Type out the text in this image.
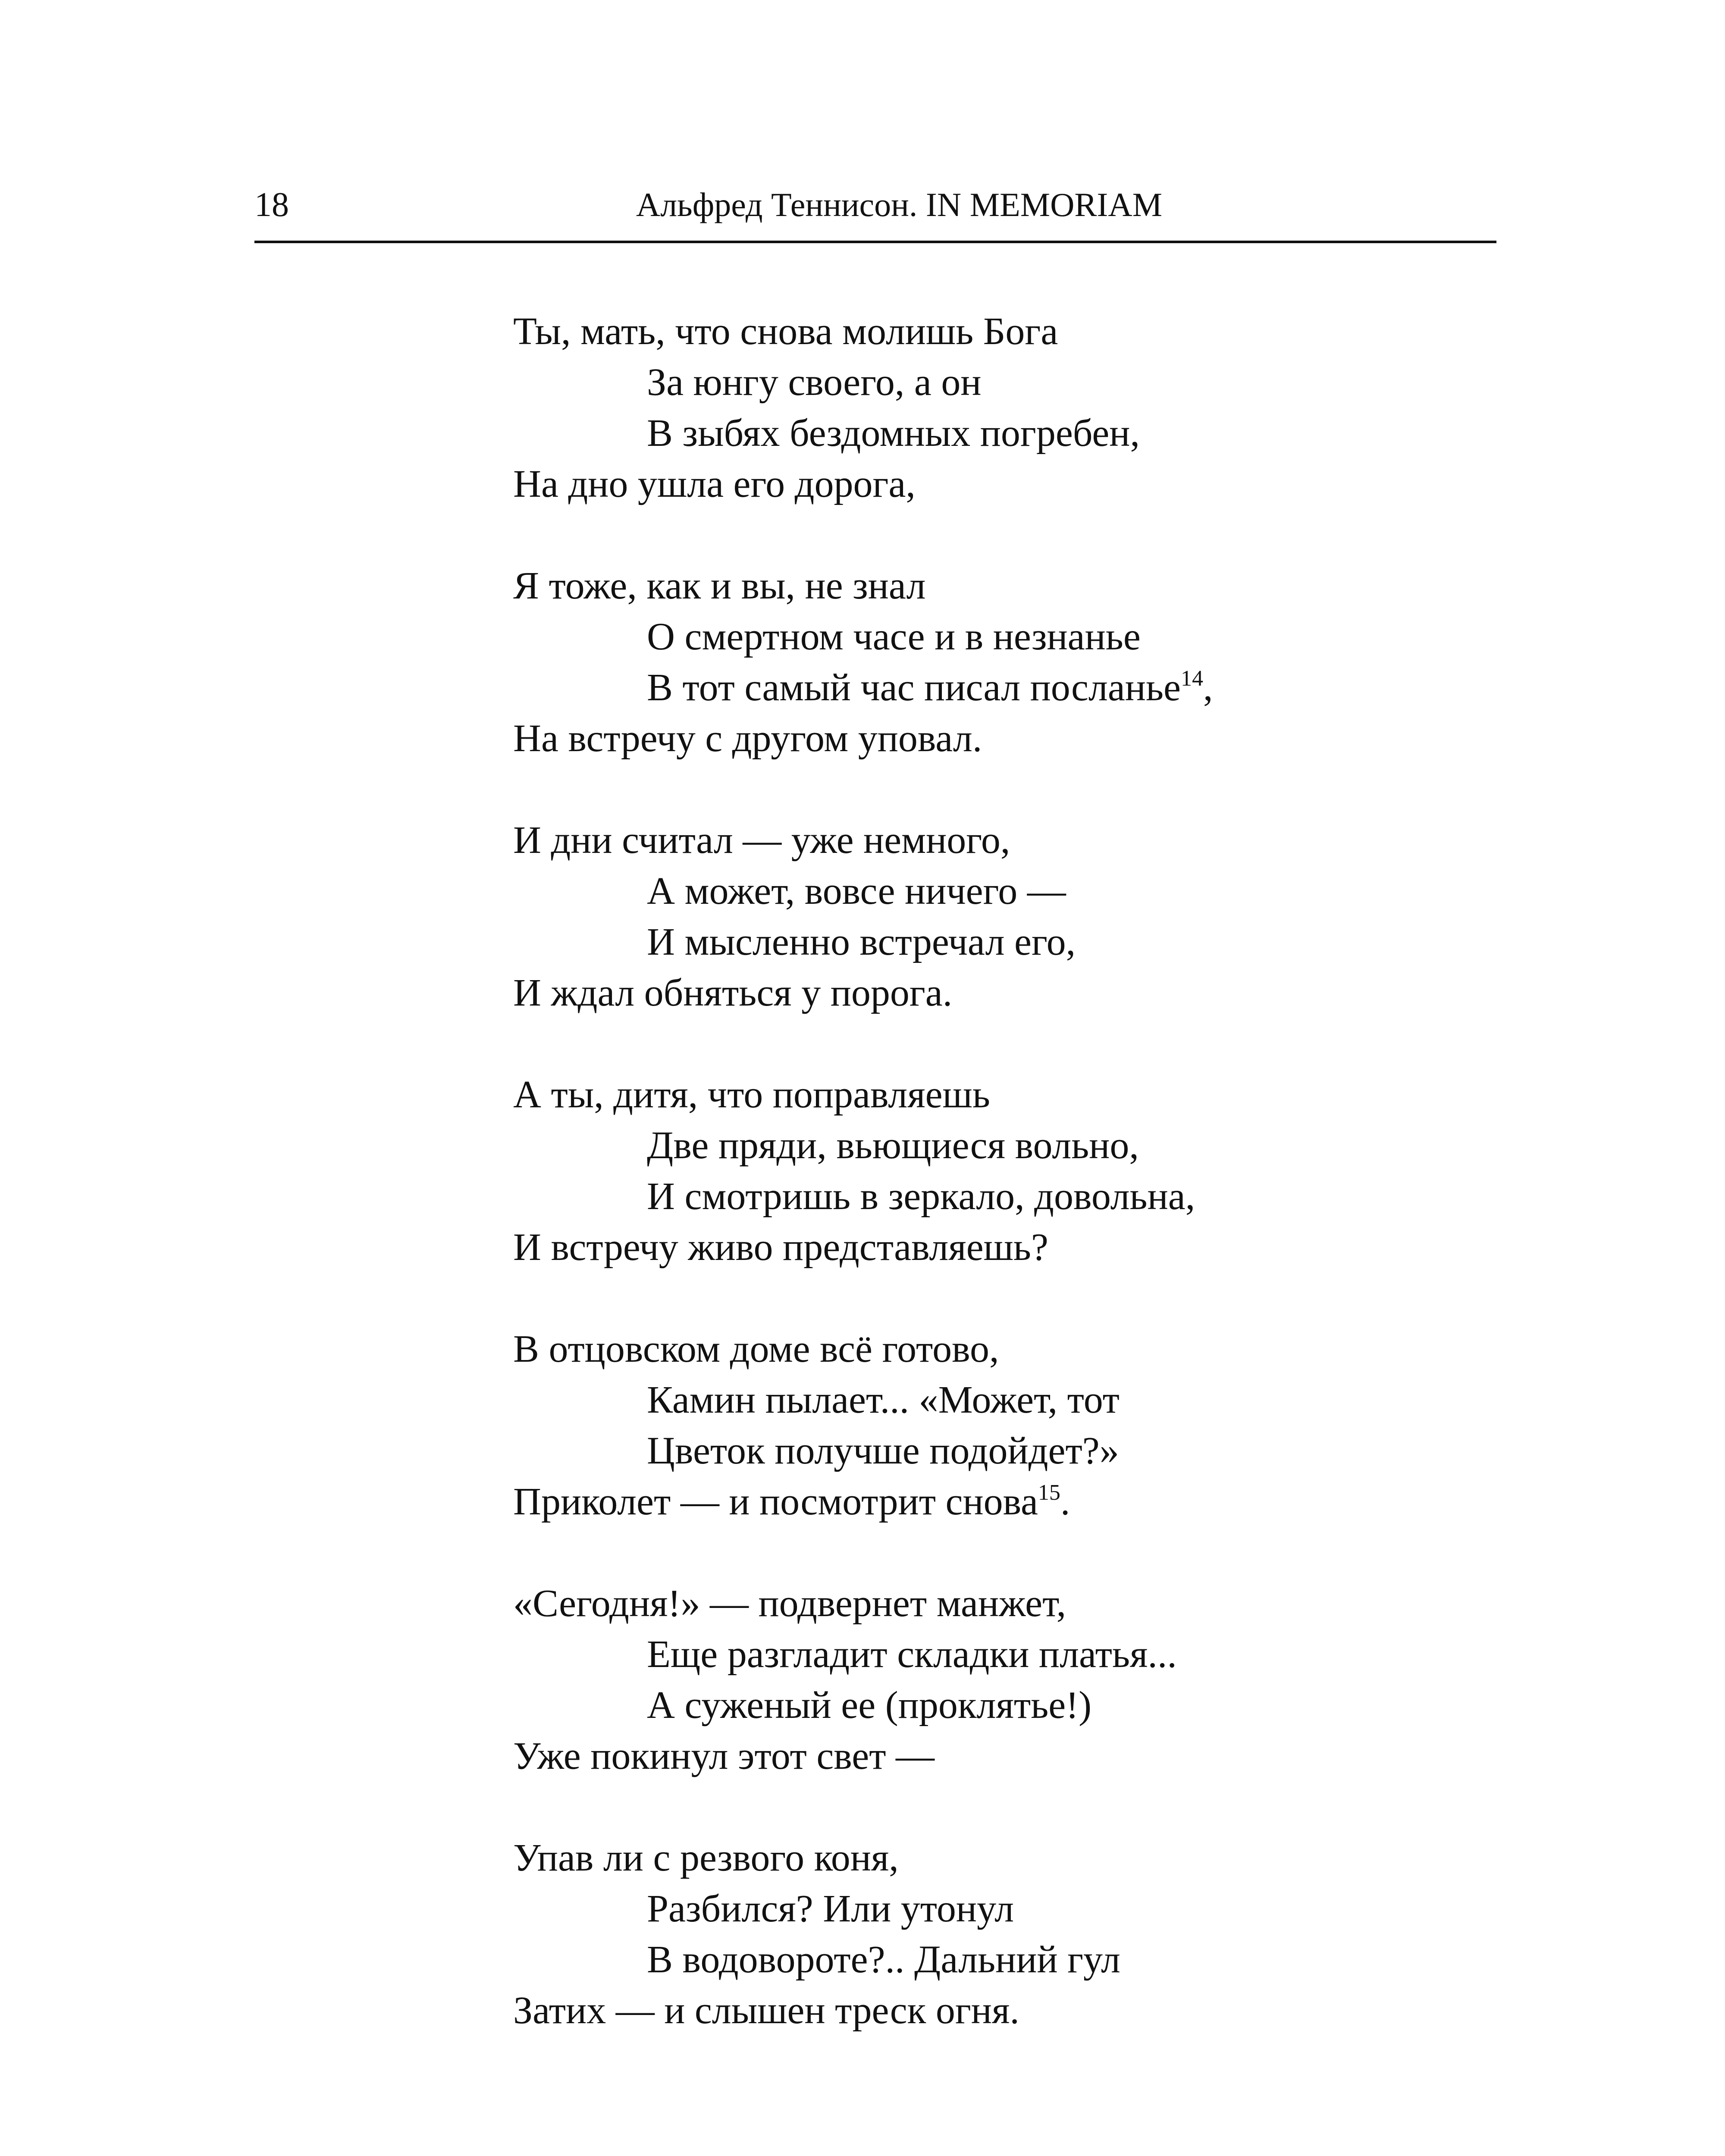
18	Альфред Теннисон. IN MEMORIAM
Ты, мать, что снова молишь Бога
За юнгу своего, а он
В зыбях бездомных погребен,
На дно ушла его дорога,
Я тоже, как и вы, не знал
О смертном часе и в незнанье
В тот самый час писал посланье$^{14}$,
На встречу с другом уповал.
И дни считал — уже немного,
А может, вовсе ничего —
И мысленно встречал его,
И ждал обняться у порога.
А ты, дитя, что поправляешь
Две пряди, вьющиеся вольно,
И смотришь в зеркало, довольна,
И встречу живо представляешь?
В отцовском доме всё готово,
Камин пылает... «Может, тот
Цветок получше подойдет?»
Приколет — и посмотрит снова$^{15}$.
«Сегодня!» — подвернет манжет,
Еще разгладит складки платья...
А суженый ее (проклятье!)
Уже покинул этот свет —
Упав ли с резвого коня,
Разбился? Или утонул
В водовороте?.. Дальний гул
Затих — и слышен треск огня.
